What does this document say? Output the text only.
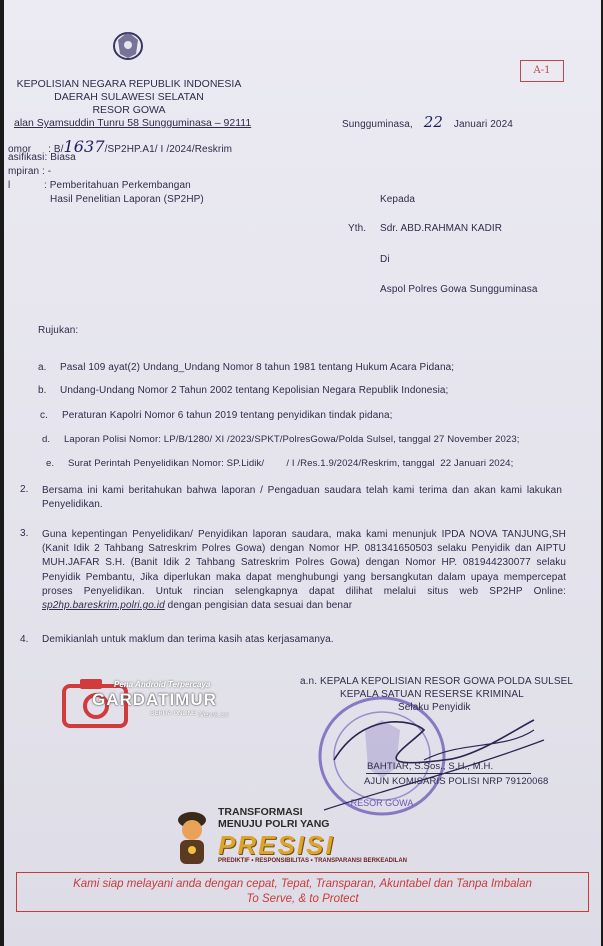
A-1
KEPOLISIAN NEGARA REPUBLIK INDONESIA
DAERAH SULAWESI SELATAN
RESOR GOWA
alan Syamsuddin Tunru 58 Sungguminasa – 92111	Sungguminasa, 22 Januari 2024
omor : B/1637/SP2HP.A1/ I /2024/Reskrim
asifikasi: Biasa
mpiran : -
l	: Pemberitahuan Perkembangan
Hasil Penelitian Laporan (SP2HP)	Kepada
Yth. Sdr. ABD.RAHMAN KADIR
Di
Aspol Polres Gowa Sungguminasa
Rujukan:
a. Pasal 109 ayat(2) Undang_Undang Nomor 8 tahun 1981 tentang Hukum Acara Pidana;
b. Undang-Undang Nomor 2 Tahun 2002 tentang Kepolisian Negara Republik Indonesia;
c. Peraturan Kapolri Nomor 6 tahun 2019 tentang penyidikan tindak pidana;
d. Laporan Polisi Nomor: LP/B/1280/ XI /2023/SPKT/PolresGowa/Polda Sulsel, tanggal 27 November 2023;
e. Surat Perintah Penyelidikan Nomor: SP.Lidik/        / I /Res.1.9/2024/Reskrim, tanggal  22 Januari 2024;
2. Bersama ini kami beritahukan bahwa laporan / Pengaduan saudara telah kami terima dan akan kami lakukan Penyelidikan.
3. Guna kepentingan Penyelidikan/ Penyidikan laporan saudara, maka kami menunjuk IPDA NOVA TANJUNG,SH (Kanit Idik 2 Tahbang Satreskrim Polres Gowa) dengan Nomor HP. 081341650503 selaku Penyidik dan AIPTU MUH.JAFAR S.H. (Banit Idik 2 Tahbang Satreskrim Polres Gowa) dengan Nomor HP. 081944230077 selaku Penyidik Pembantu, Jika diperlukan maka dapat menghubungi yang bersangkutan dalam upaya mempercepat proses Penyelidikan. Untuk rincian selengkapnya dapat dilihat melalui situs web SP2HP Online: sp2hp.bareskrim.polri.go.id dengan pengisian data sesuai dan benar
4. Demikianlah untuk maklum dan terima kasih atas kerjasamanya.
RESOR GOWA
a.n. KEPALA KEPOLISIAN RESOR GOWA POLDA SULSEL
KEPALA SATUAN RESERSE KRIMINAL
Selaku Penyidik
BAHTIAR, S.Sos., S.H., M.H.
AJUN KOMISARIS POLISI NRP 79120068
Pena Android Terpercaya
GARDATIMUR
BERITA ONLINE News.co
TRANSFORMASI
MENUJU POLRI YANG
PRESISI
PREDIKTIF • RESPONSIBILITAS • TRANSPARANSI BERKEADILAN
Kami siap melayani anda dengan cepat, Tepat, Transparan, Akuntabel dan Tanpa Imbalan
To Serve, & to Protect
